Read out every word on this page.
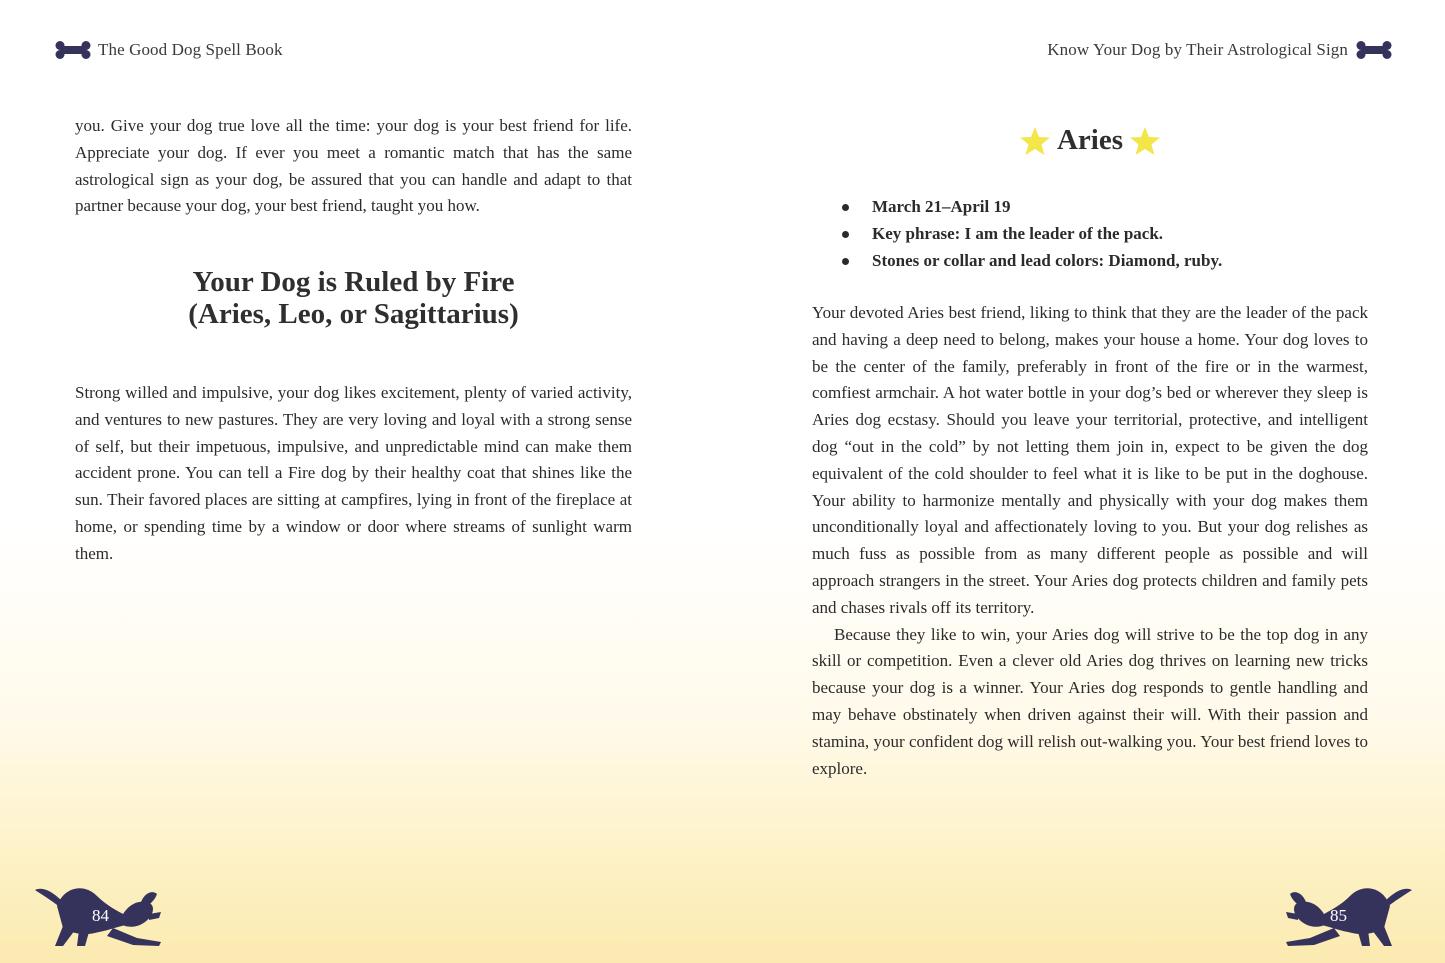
The Good Dog Spell Book

you. Give your dog true love all the time: your dog is your best friend for life. Appreciate your dog. If ever you meet a romantic match that has the same astrological sign as your dog, be assured that you can handle and adapt to that partner because your dog, your best friend, taught you how.

Your Dog is Ruled by Fire
(Aries, Leo, or Sagittarius)

Strong willed and impulsive, your dog likes excitement, plenty of varied activity, and ventures to new pastures. They are very loving and loyal with a strong sense of self, but their impetuous, impulsive, and unpredictable mind can make them accident prone. You can tell a Fire dog by their healthy coat that shines like the sun. Their favored places are sitting at campfires, lying in front of the fireplace at home, or spending time by a window or door where streams of sunlight warm them.

84
Know Your Dog by Their Astrological Sign
Aries
March 21–April 19
Key phrase: I am the leader of the pack.
Stones or collar and lead colors: Diamond, ruby.

Your devoted Aries best friend, liking to think that they are the leader of the pack and having a deep need to belong, makes your house a home. Your dog loves to be the center of the family, preferably in front of the fire or in the warmest, comfiest armchair. A hot water bottle in your dog’s bed or wherever they sleep is Aries dog ecstasy. Should you leave your territorial, protective, and intelligent dog “out in the cold” by not letting them join in, expect to be given the dog equivalent of the cold shoulder to feel what it is like to be put in the doghouse. Your ability to harmonize mentally and physically with your dog makes them unconditionally loyal and affectionately loving to you. But your dog relishes as much fuss as possible from as many different people as possible and will approach strangers in the street. Your Aries dog protects children and family pets and chases rivals off its territory.

Because they like to win, your Aries dog will strive to be the top dog in any skill or competition. Even a clever old Aries dog thrives on learning new tricks because your dog is a winner. Your Aries dog responds to gentle handling and may behave obstinately when driven against their will. With their passion and stamina, your confident dog will relish out-walking you. Your best friend loves to explore.

85
